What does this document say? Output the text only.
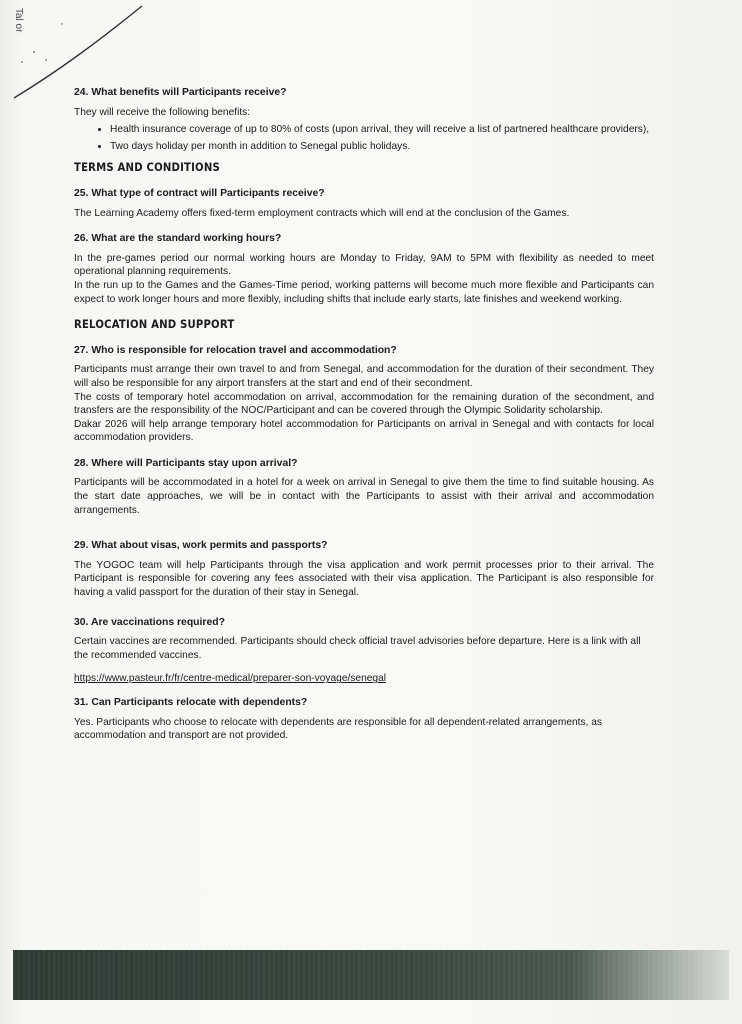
Tal or
24. What benefits will Participants receive?

They will receive the following benefits:

• Health insurance coverage of up to 80% of costs (upon arrival, they will receive a list of partnered healthcare providers),
• Two days holiday per month in addition to Senegal public holidays.
TERMS AND CONDITIONS
25. What type of contract will Participants receive?

The Learning Academy offers fixed-term employment contracts which will end at the conclusion of the Games.

26. What are the standard working hours?

In the pre-games period our normal working hours are Monday to Friday, 9AM to 5PM with flexibility as needed to meet operational planning requirements.

In the run up to the Games and the Games-Time period, working patterns will become much more flexible and Participants can expect to work longer hours and more flexibly, including shifts that include early starts, late finishes and weekend working.

RELOCATION AND SUPPORT
27. Who is responsible for relocation travel and accommodation?

Participants must arrange their own travel to and from Senegal, and accommodation for the duration of their secondment. They will also be responsible for any airport transfers at the start and end of their secondment.

The costs of temporary hotel accommodation on arrival, accommodation for the remaining duration of the secondment, and transfers are the responsibility of the NOC/Participant and can be covered through the Olympic Solidarity scholarship.

Dakar 2026 will help arrange temporary hotel accommodation for Participants on arrival in Senegal and with contacts for local accommodation providers.

28. Where will Participants stay upon arrival?

Participants will be accommodated in a hotel for a week on arrival in Senegal to give them the time to find suitable housing. As the start date approaches, we will be in contact with the Participants to assist with their arrival and accommodation arrangements.

29. What about visas, work permits and passports?

The YOGOC team will help Participants through the visa application and work permit processes prior to their arrival. The Participant is responsible for covering any fees associated with their visa application. The Participant is also responsible for having a valid passport for the duration of their stay in Senegal.

30. Are vaccinations required?

Certain vaccines are recommended. Participants should check official travel advisories before departure. Here is a link with all the recommended vaccines.

https://www.pasteur.fr/fr/centre-medical/preparer-son-voyage/senegal

31. Can Participants relocate with dependents?

Yes. Participants who choose to relocate with dependents are responsible for all dependent-related arrangements, as accommodation and transport are not provided.
